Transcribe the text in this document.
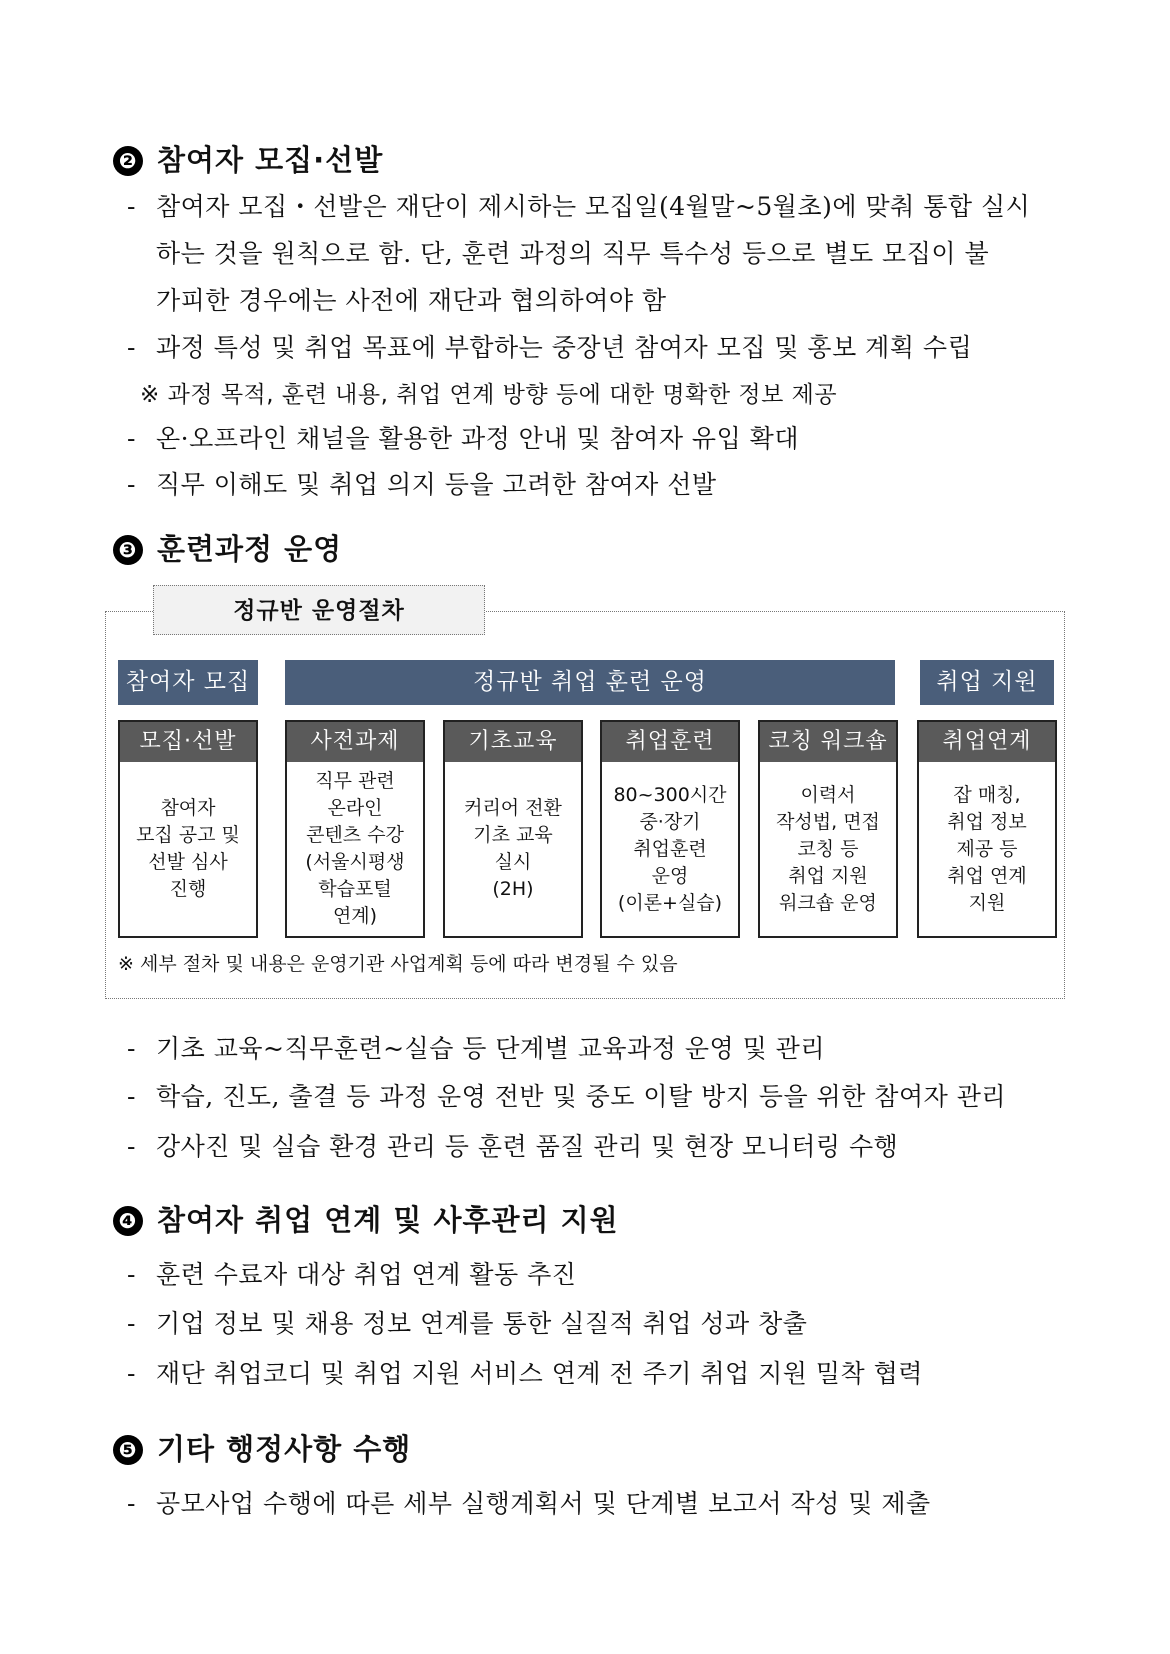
❷ 참여자 모집·선발
- 참여자 모집・선발은 재단이 제시하는 모집일(4월말~5월초)에 맞춰 통합 실시
하는 것을 원칙으로 함. 단, 훈련 과정의 직무 특수성 등으로 별도 모집이 불
가피한 경우에는 사전에 재단과 협의하여야 함
- 과정 특성 및 취업 목표에 부합하는 중장년 참여자 모집 및 홍보 계획 수립
※ 과정 목적, 훈련 내용, 취업 연계 방향 등에 대한 명확한 정보 제공
- 온·오프라인 채널을 활용한 과정 안내 및 참여자 유입 확대
- 직무 이해도 및 취업 의지 등을 고려한 참여자 선발
❸ 훈련과정 운영
정규반 운영절차
참여자 모집	정규반 취업 훈련 운영	취업 지원
모집·선발
참여자
모집 공고 및
선발 심사
진행
사전과제
직무 관련
온라인
콘텐츠 수강
(서울시평생
학습포털
연계)
기초교육
커리어 전환
기초 교육
실시
(2H)
취업훈련
80~300시간
중·장기
취업훈련
운영
(이론+실습)
코칭 워크숍
이력서
작성법, 면접
코칭 등
취업 지원
워크숍 운영
취업연계
잡 매칭,
취업 정보
제공 등
취업 연계
지원
※ 세부 절차 및 내용은 운영기관 사업계획 등에 따라 변경될 수 있음
- 기초 교육~직무훈련~실습 등 단계별 교육과정 운영 및 관리
- 학습, 진도, 출결 등 과정 운영 전반 및 중도 이탈 방지 등을 위한 참여자 관리
- 강사진 및 실습 환경 관리 등 훈련 품질 관리 및 현장 모니터링 수행
❹ 참여자 취업 연계 및 사후관리 지원
- 훈련 수료자 대상 취업 연계 활동 추진
- 기업 정보 및 채용 정보 연계를 통한 실질적 취업 성과 창출
- 재단 취업코디 및 취업 지원 서비스 연계 전 주기 취업 지원 밀착 협력
❺ 기타 행정사항 수행
- 공모사업 수행에 따른 세부 실행계획서 및 단계별 보고서 작성 및 제출
